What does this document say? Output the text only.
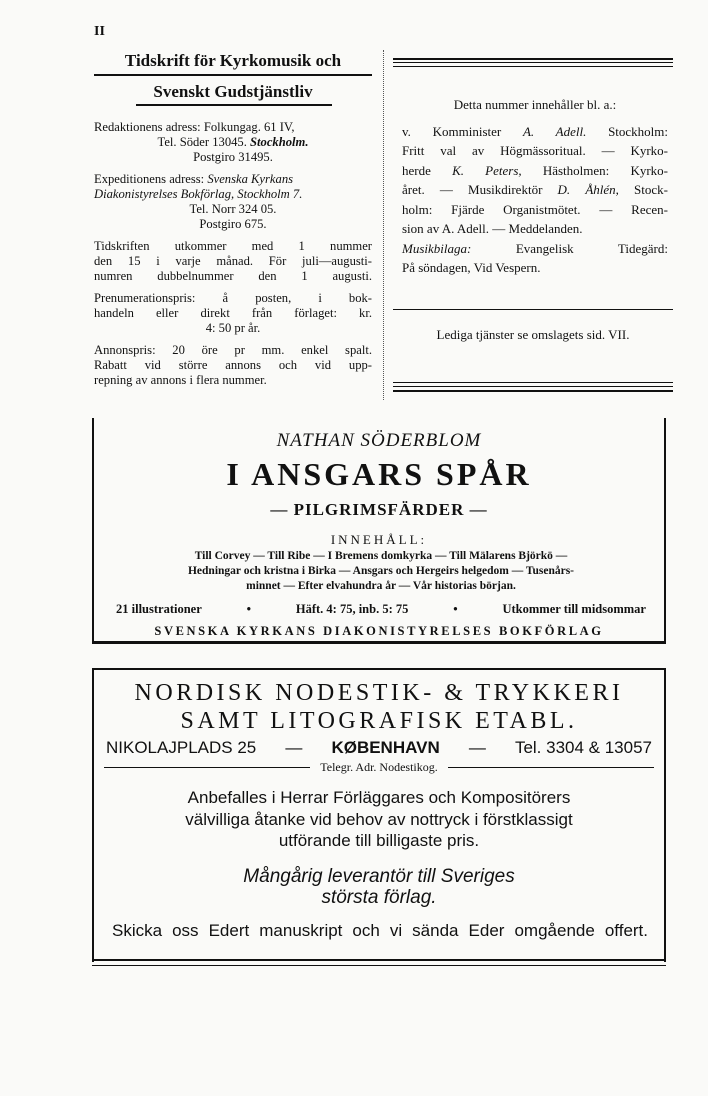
II
Tidskrift för Kyrkomusik och
Svenskt Gudstjänstliv

Redaktionens adress: Folkungag. 61 IV,
Tel. Söder 13045. Stockholm.
Postgiro 31495.

Expeditionens adress: Svenska Kyrkans
Diakonistyrelses Bokförlag, Stockholm 7.
Tel. Norr 324 05.
Postgiro 675.

Tidskriften utkommer med 1 nummer
den 15 i varje månad. För juli—augusti-
numren dubbelnummer den 1 augusti.

Prenumerationspris: å posten, i bok-
handeln eller direkt från förlaget: kr.
4: 50 pr år.

Annonspris: 20 öre pr mm. enkel spalt.
Rabatt vid större annons och vid upp-
repning av annons i flera nummer.

Detta nummer innehåller bl. a.:

v. Komminister A. Adell. Stockholm:

Fritt val av Högmässoritual. — Kyrko-

herde K. Peters, Hästholmen: Kyrko-

året. — Musikdirektör D. Åhlén, Stock-

holm: Fjärde Organistmötet. — Recen-

sion av A. Adell. — Meddelanden.

Musikbilaga: Evangelisk Tidegärd:

På söndagen, Vid Vespern.

Lediga tjänster se omslagets sid. VII.
NATHAN SÖDERBLOM
I ANSGARS SPÅR
— PILGRIMSFÄRDER —
INNEHÅLL:
Till Corvey — Till Ribe — I Bremens domkyrka — Till Mälarens Björkö —
Hedningar och kristna i Birka — Ansgars och Hergeirs helgedom — Tusenårs-
minnet — Efter elvahundra år — Vår historias början.
21 illustrationer	•	Häft. 4: 75, inb. 5: 75	•	Utkommer till midsommar
SVENSKA KYRKANS DIAKONISTYRELSES BOKFÖRLAG
NORDISK NODESTIK- & TRYKKERI
SAMT LITOGRAFISK ETABL.
NIKOLAJPLADS 25 — KØBENHAVN — Tel. 3304 & 13057
Telegr. Adr. Nodestikog.
Anbefalles i Herrar Förläggares och Kompositörers
välvilliga åtanke vid behov av nottryck i förstklassigt
utförande till billigaste pris.
Mångårig leverantör till Sveriges
största förlag.
Skicka oss Edert manuskript och vi sända Eder omgående offert.
